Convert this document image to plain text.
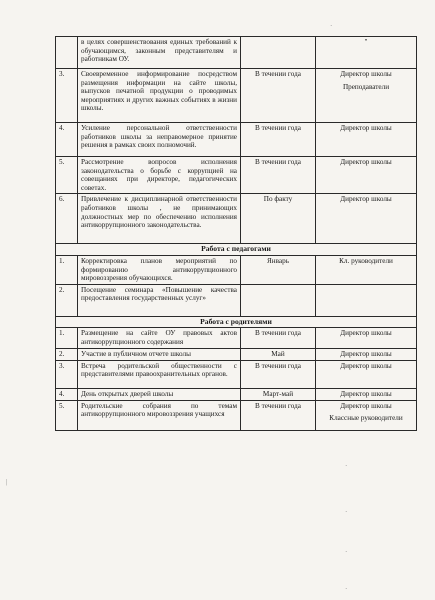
	в целях совершенствования единых требований к обучающимся, законным представителям и работникам ОУ.		"
3.	Своевременное информирование посредством размещения информации на сайте школы, выпусков печатной продукции о проводимых мероприятиях и других важных событиях в жизни школы.	В течении года	Директор школы
Преподаватели

4.	Усиление персональной ответственности работников школы за неправомерное принятие решения в рамках своих полномочий.	В течении года	Директор школы
5.	Рассмотрение вопросов исполнения законодательства о борьбе с коррупцией на совещаниях при директоре, педагогических советах.	В течении года	Директор школы
6.	Привлечение к дисциплинарной ответственности работников школы , не принимающих должностных мер по обеспечению исполнения антикоррупционного законодательства.	По факту	Директор школы
Работа с педагогами			
1.	Корректировка планов мероприятий по формированию антикоррупционного мировоззрения обучающихся.	Январь	Кл. руководители
2.	Посещение семинара «Повышение качества предоставления государственных услуг»		
Работа с родителями			
1.	Размещение на сайте ОУ правовых актов антикоррупционного содержания	В течении года	Директор школы
2.	Участие в публичном отчете школы	Май	Директор школы
3.	Встреча родительской общественности с представителями правоохранительных органов.	В течении года	Директор школы
4.	День открытых дверей школы	Март-май	Директор школы
5.	Родительские собрания по темам антикоррупционного мировоззрения учащихся	В течении года	Директор школы
Классные руководители
·
·
·
·
·
|
